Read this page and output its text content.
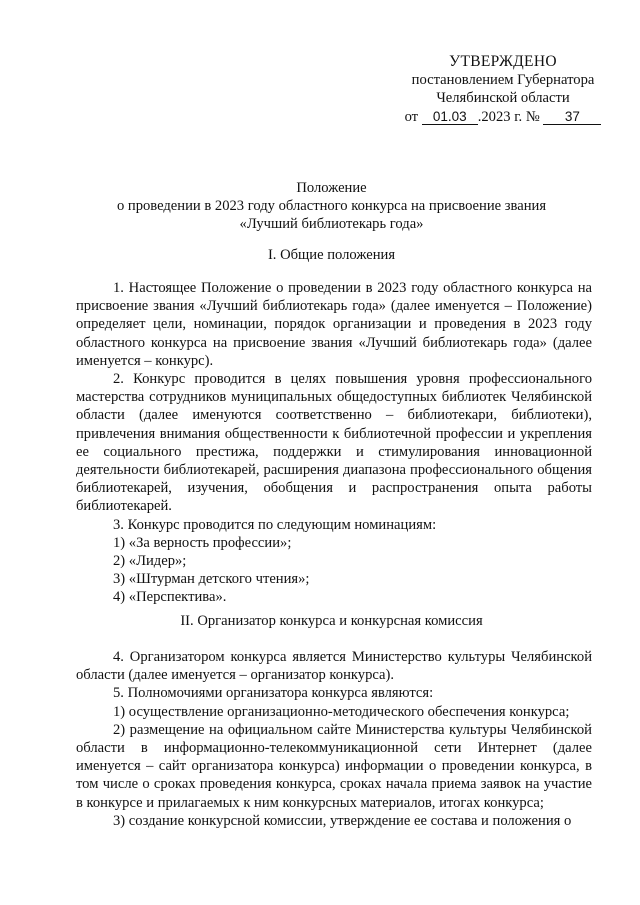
УТВЕРЖДЕНО
постановлением Губернатора
Челябинской области
от 01.03 .2023 г. № 37
Положение
о проведении в 2023 году областного конкурса на присвоение звания
«Лучший библиотекарь года»
I. Общие положения

1. Настоящее Положение о проведении в 2023 году областного конкурса на присвоение звания «Лучший библиотекарь года» (далее именуется – Положение) определяет цели, номинации, порядок организации и проведения в 2023 году областного конкурса на присвоение звания «Лучший библиотекарь года» (далее именуется – конкурс).

2. Конкурс проводится в целях повышения уровня профессионального мастерства сотрудников муниципальных общедоступных библиотек Челябинской области (далее именуются соответственно – библиотекари, библиотеки), привлечения внимания общественности к библиотечной профессии и укрепления ее социального престижа, поддержки и стимулирования инновационной деятельности библиотекарей, расширения диапазона профессионального общения библиотекарей, изучения, обобщения и распространения опыта работы библиотекарей.

3. Конкурс проводится по следующим номинациям:

1) «За верность профессии»;

2) «Лидер»;

3) «Штурман детского чтения»;

4) «Перспектива».

II. Организатор конкурса и конкурсная комиссия

4. Организатором конкурса является Министерство культуры Челябинской области (далее именуется – организатор конкурса).

5. Полномочиями организатора конкурса являются:

1) осуществление организационно-методического обеспечения конкурса;

2) размещение на официальном сайте Министерства культуры Челябинской области в информационно-телекоммуникационной сети Интернет (далее именуется – сайт организатора конкурса) информации о проведении конкурса, в том числе о сроках проведения конкурса, сроках начала приема заявок на участие в конкурсе и прилагаемых к ним конкурсных материалов, итогах конкурса;

3) создание конкурсной комиссии, утверждение ее состава и положения о
